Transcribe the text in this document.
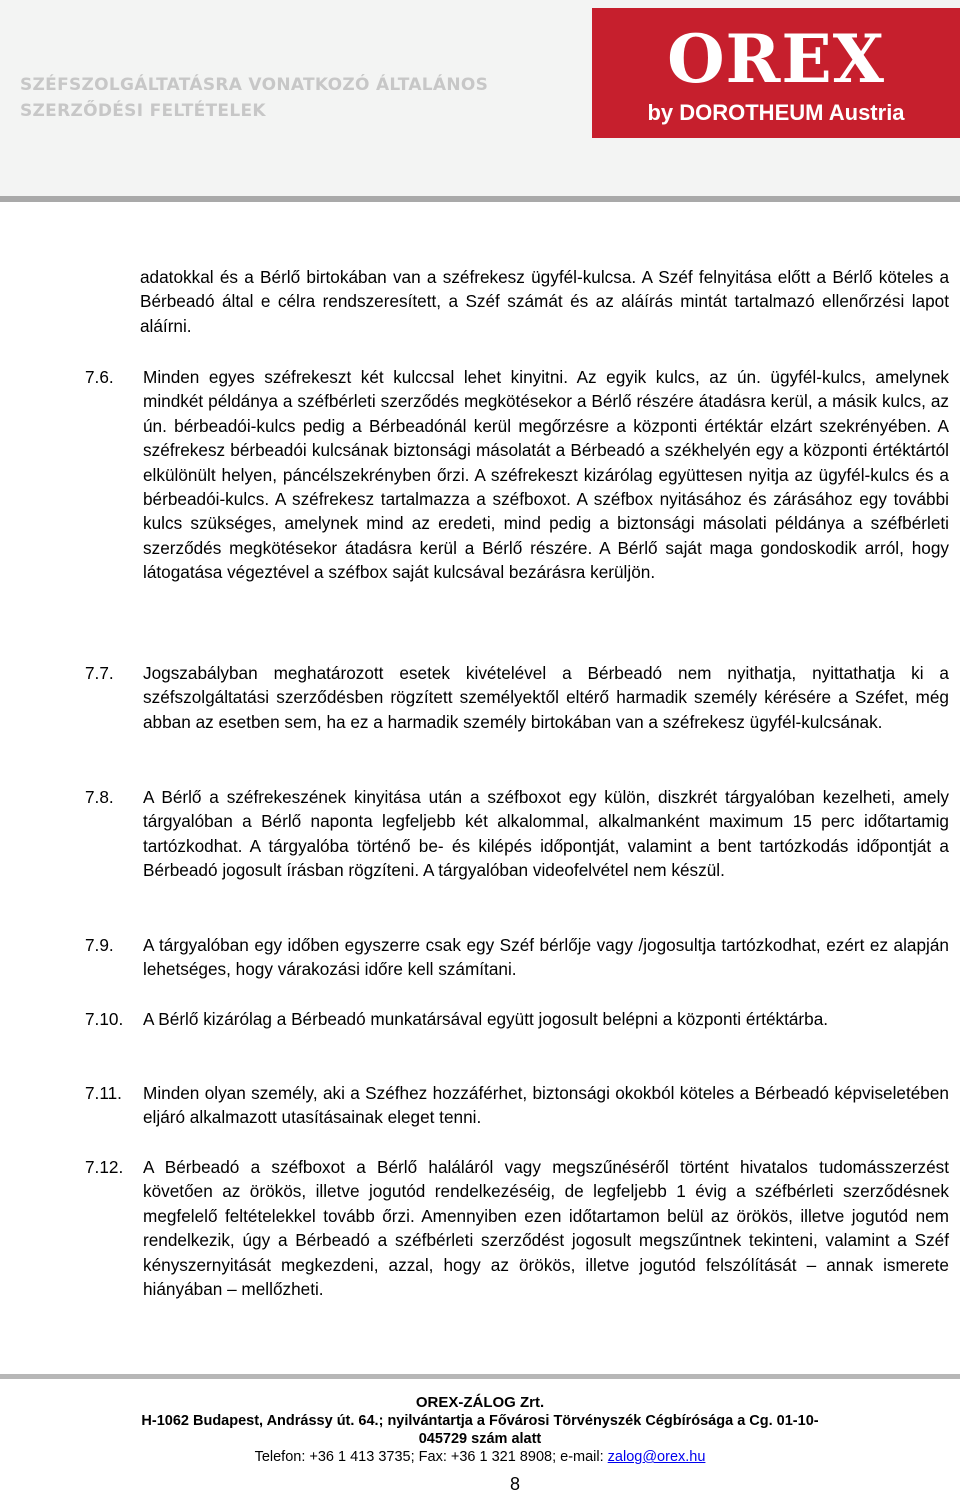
SZÉFSZOLGÁLTATÁSRA VONATKOZÓ ÁLTALÁNOS
SZERZŐDÉSI FELTÉTELEK
OREX
by DOROTHEUM Austria
adatokkal és a Bérlő birtokában van a széfrekesz ügyfél-kulcsa. A Széf felnyitása előtt a Bérlő köteles a Bérbeadó által e célra rendszeresített, a Széf számát és az aláírás mintát tartalmazó ellenőrzési lapot aláírni.
7.6. Minden egyes széfrekeszt két kulccsal lehet kinyitni. Az egyik kulcs, az ún. ügyfél-kulcs, amelynek mindkét példánya a széfbérleti szerződés megkötésekor a Bérlő részére átadásra kerül, a másik kulcs, az ún. bérbeadói-kulcs pedig a Bérbeadónál kerül megőrzésre a központi értéktár elzárt szekrényében. A széfrekesz bérbeadói kulcsának biztonsági másolatát a Bérbeadó a székhelyén egy a központi értéktártól elkülönült helyen, páncélszekrényben őrzi. A széfrekeszt kizárólag együttesen nyitja az ügyfél-kulcs és a bérbeadói-kulcs. A széfrekesz tartalmazza a széfboxot. A széfbox nyitásához és zárásához egy további kulcs szükséges, amelynek mind az eredeti, mind pedig a biztonsági másolati példánya a széfbérleti szerződés megkötésekor átadásra kerül a Bérlő részére. A Bérlő saját maga gondoskodik arról, hogy látogatása végeztével a széfbox saját kulcsával bezárásra kerüljön.
7.7. Jogszabályban meghatározott esetek kivételével a Bérbeadó nem nyithatja, nyittathatja ki a széfszolgáltatási szerződésben rögzített személyektől eltérő harmadik személy kérésére a Széfet, még abban az esetben sem, ha ez a harmadik személy birtokában van a széfrekesz ügyfél-kulcsának.
7.8. A Bérlő a széfrekeszének kinyitása után a széfboxot egy külön, diszkrét tárgyalóban kezelheti, amely tárgyalóban a Bérlő naponta legfeljebb két alkalommal, alkalmanként maximum 15 perc időtartamig tartózkodhat. A tárgyalóba történő be- és kilépés időpontját, valamint a bent tartózkodás időpontját a Bérbeadó jogosult írásban rögzíteni. A tárgyalóban videofelvétel nem készül.
7.9. A tárgyalóban egy időben egyszerre csak egy Széf bérlője vagy /jogosultja tartózkodhat, ezért ez alapján lehetséges, hogy várakozási időre kell számítani.
7.10. A Bérlő kizárólag a Bérbeadó munkatársával együtt jogosult belépni a központi értéktárba.
7.11. Minden olyan személy, aki a Széfhez hozzáférhet, biztonsági okokból köteles a Bérbeadó képviseletében eljáró alkalmazott utasításainak eleget tenni.
7.12. A Bérbeadó a széfboxot a Bérlő haláláról vagy megszűnéséről történt hivatalos tudomásszerzést követően az örökös, illetve jogutód rendelkezéséig, de legfeljebb 1 évig a széfbérleti szerződésnek megfelelő feltételekkel tovább őrzi. Amennyiben ezen időtartamon belül az örökös, illetve jogutód nem rendelkezik, úgy a Bérbeadó a széfbérleti szerződést jogosult megszűntnek tekinteni, valamint a Széf kényszernyitását megkezdeni, azzal, hogy az örökös, illetve jogutód felszólítását – annak ismerete hiányában – mellőzheti.
OREX-ZÁLOG Zrt.
H-1062 Budapest, Andrássy út. 64.; nyilvántartja a Fővárosi Törvényszék Cégbírósága a Cg. 01-10-
045729 szám alatt
Telefon: +36 1 413 3735; Fax: +36 1 321 8908; e-mail: zalog@orex.hu
8
